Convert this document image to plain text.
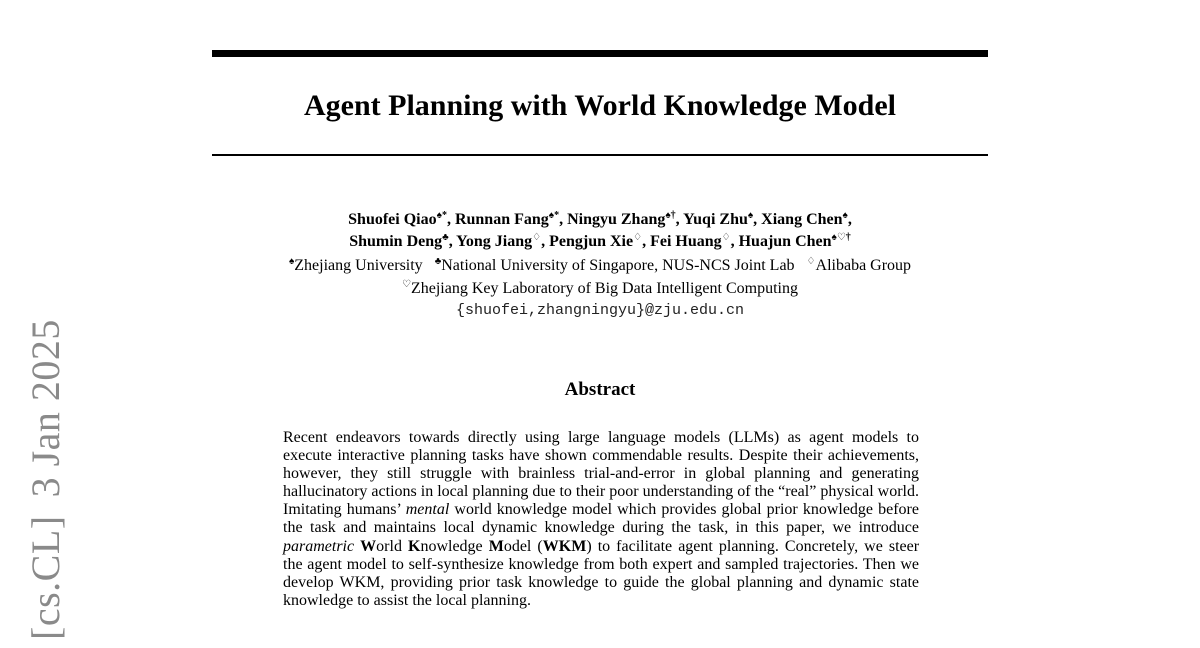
[cs.CL]3 Jan 2025
Agent Planning with World Knowledge Model
Shuofei Qiao♠*, Runnan Fang♠*, Ningyu Zhang♠†, Yuqi Zhu♠, Xiang Chen♠,
Shumin Deng♣, Yong Jiang♢, Pengjun Xie♢, Fei Huang♢, Huajun Chen♠♡†
♠Zhejiang University ♣National University of Singapore, NUS-NCS Joint Lab ♢Alibaba Group
♡Zhejiang Key Laboratory of Big Data Intelligent Computing
{shuofei,zhangningyu}@zju.edu.cn
Abstract
Recent endeavors towards directly using large language models (LLMs) as agent models to execute interactive planning tasks have shown commendable results. Despite their achievements, however, they still struggle with brainless trial-and-error in global planning and generating hallucinatory actions in local planning due to their poor understanding of the “real” physical world. Imitating humans’ mental world knowledge model which provides global prior knowledge before the task and maintains local dynamic knowledge during the task, in this paper, we introduce parametric World Knowledge Model (WKM) to facilitate agent planning. Concretely, we steer the agent model to self-synthesize knowledge from both expert and sampled trajectories. Then we develop WKM, providing prior task knowledge to guide the global planning and dynamic state knowledge to assist the local planning.
